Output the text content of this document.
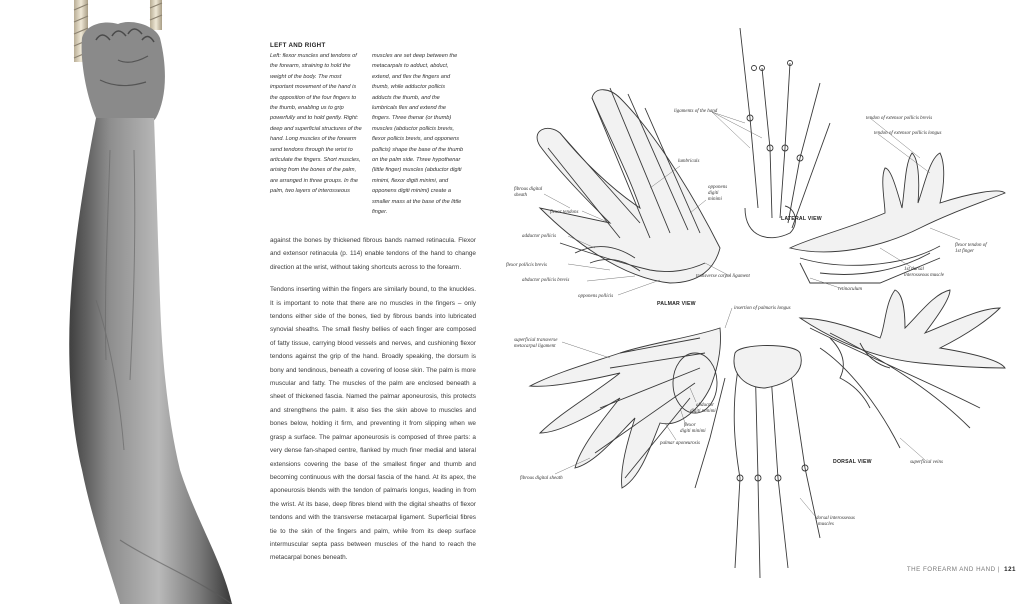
LEFT AND RIGHT
Left: flexor muscles and tendons of the forearm, straining to hold the weight of the body. The most important movement of the hand is the opposition of the four fingers to the thumb, enabling us to grip powerfully and to hold gently. Right: deep and superficial structures of the hand. Long muscles of the forearm send tendons through the wrist to articulate the fingers. Short muscles, arising from the bones of the palm, are arranged in three groups. In the palm, two layers of interosseous
muscles are set deep between the metacarpals to adduct, abduct, extend, and flex the fingers and thumb, while adductor pollicis adducts the thumb, and the lumbricals flex and extend the fingers. Three thenar (or thumb) muscles (abductor pollicis brevis, flexor pollicis brevis, and opponens pollicis) shape the base of the thumb on the palm side. Three hypothenar (little finger) muscles (abductor digiti minimi, flexor digiti minimi, and opponens digiti minimi) create a smaller mass at the base of the little finger.

against the bones by thickened fibrous bands named retinacula. Flexor and extensor retinacula (p. 114) enable tendons of the hand to change direction at the wrist, without taking shortcuts across to the forearm.

Tendons inserting within the fingers are similarly bound, to the knuckles. It is important to note that there are no muscles in the fingers – only tendons either side of the bones, tied by fibrous bands into lubricated synovial sheaths. The small fleshy bellies of each finger are composed of fatty tissue, carrying blood vessels and nerves, and cushioning flexor tendons against the grip of the hand. Broadly speaking, the dorsum is bony and tendinous, beneath a covering of loose skin. The palm is more muscular and fatty. The muscles of the palm are enclosed beneath a sheet of thickened fascia. Named the palmar aponeurosis, this protects and strengthens the palm. It also ties the skin above to muscles and bones below, holding it firm, and preventing it from slipping when we grasp a surface. The palmar aponeurosis is composed of three parts: a very dense fan-shaped centre, flanked by much finer medial and lateral extensions covering the base of the smallest finger and thumb and becoming continuous with the dorsal fascia of the hand. At its apex, the aponeurosis blends with the tendon of palmaris longus, leading in from the wrist. At its base, deep fibres blend with the digital sheaths of flexor tendons and with the transverse metacarpal ligament. Superficial fibres tie to the skin of the fingers and palm, while from its deep surface intermuscular septa pass between muscles of the hand to reach the metacarpal bones beneath.

ligaments of the hand
lumbricals
opponens
digiti
minimi
fibrous digital
sheath
flexor tendons
adductor pollicis
flexor pollicis brevis
abductor pollicis brevis
opponens pollicis
transverse carpal ligament
PALMAR VIEW
LATERAL VIEW
tendon of extensor pollicis brevis
tendon of extensor pollicis longus
flexor tendon of
1st finger
1st dorsal
interosseous muscle
retinaculum
insertion of palmaris longus
superficial transverse
metacarpal ligament
abductor
digiti minimi
flexor
digiti minimi
palmar aponeurosis
fibrous digital sheath
DORSAL VIEW	superficial veins
dorsal interosseous
muscles
THE FOREARM AND HAND | 121
